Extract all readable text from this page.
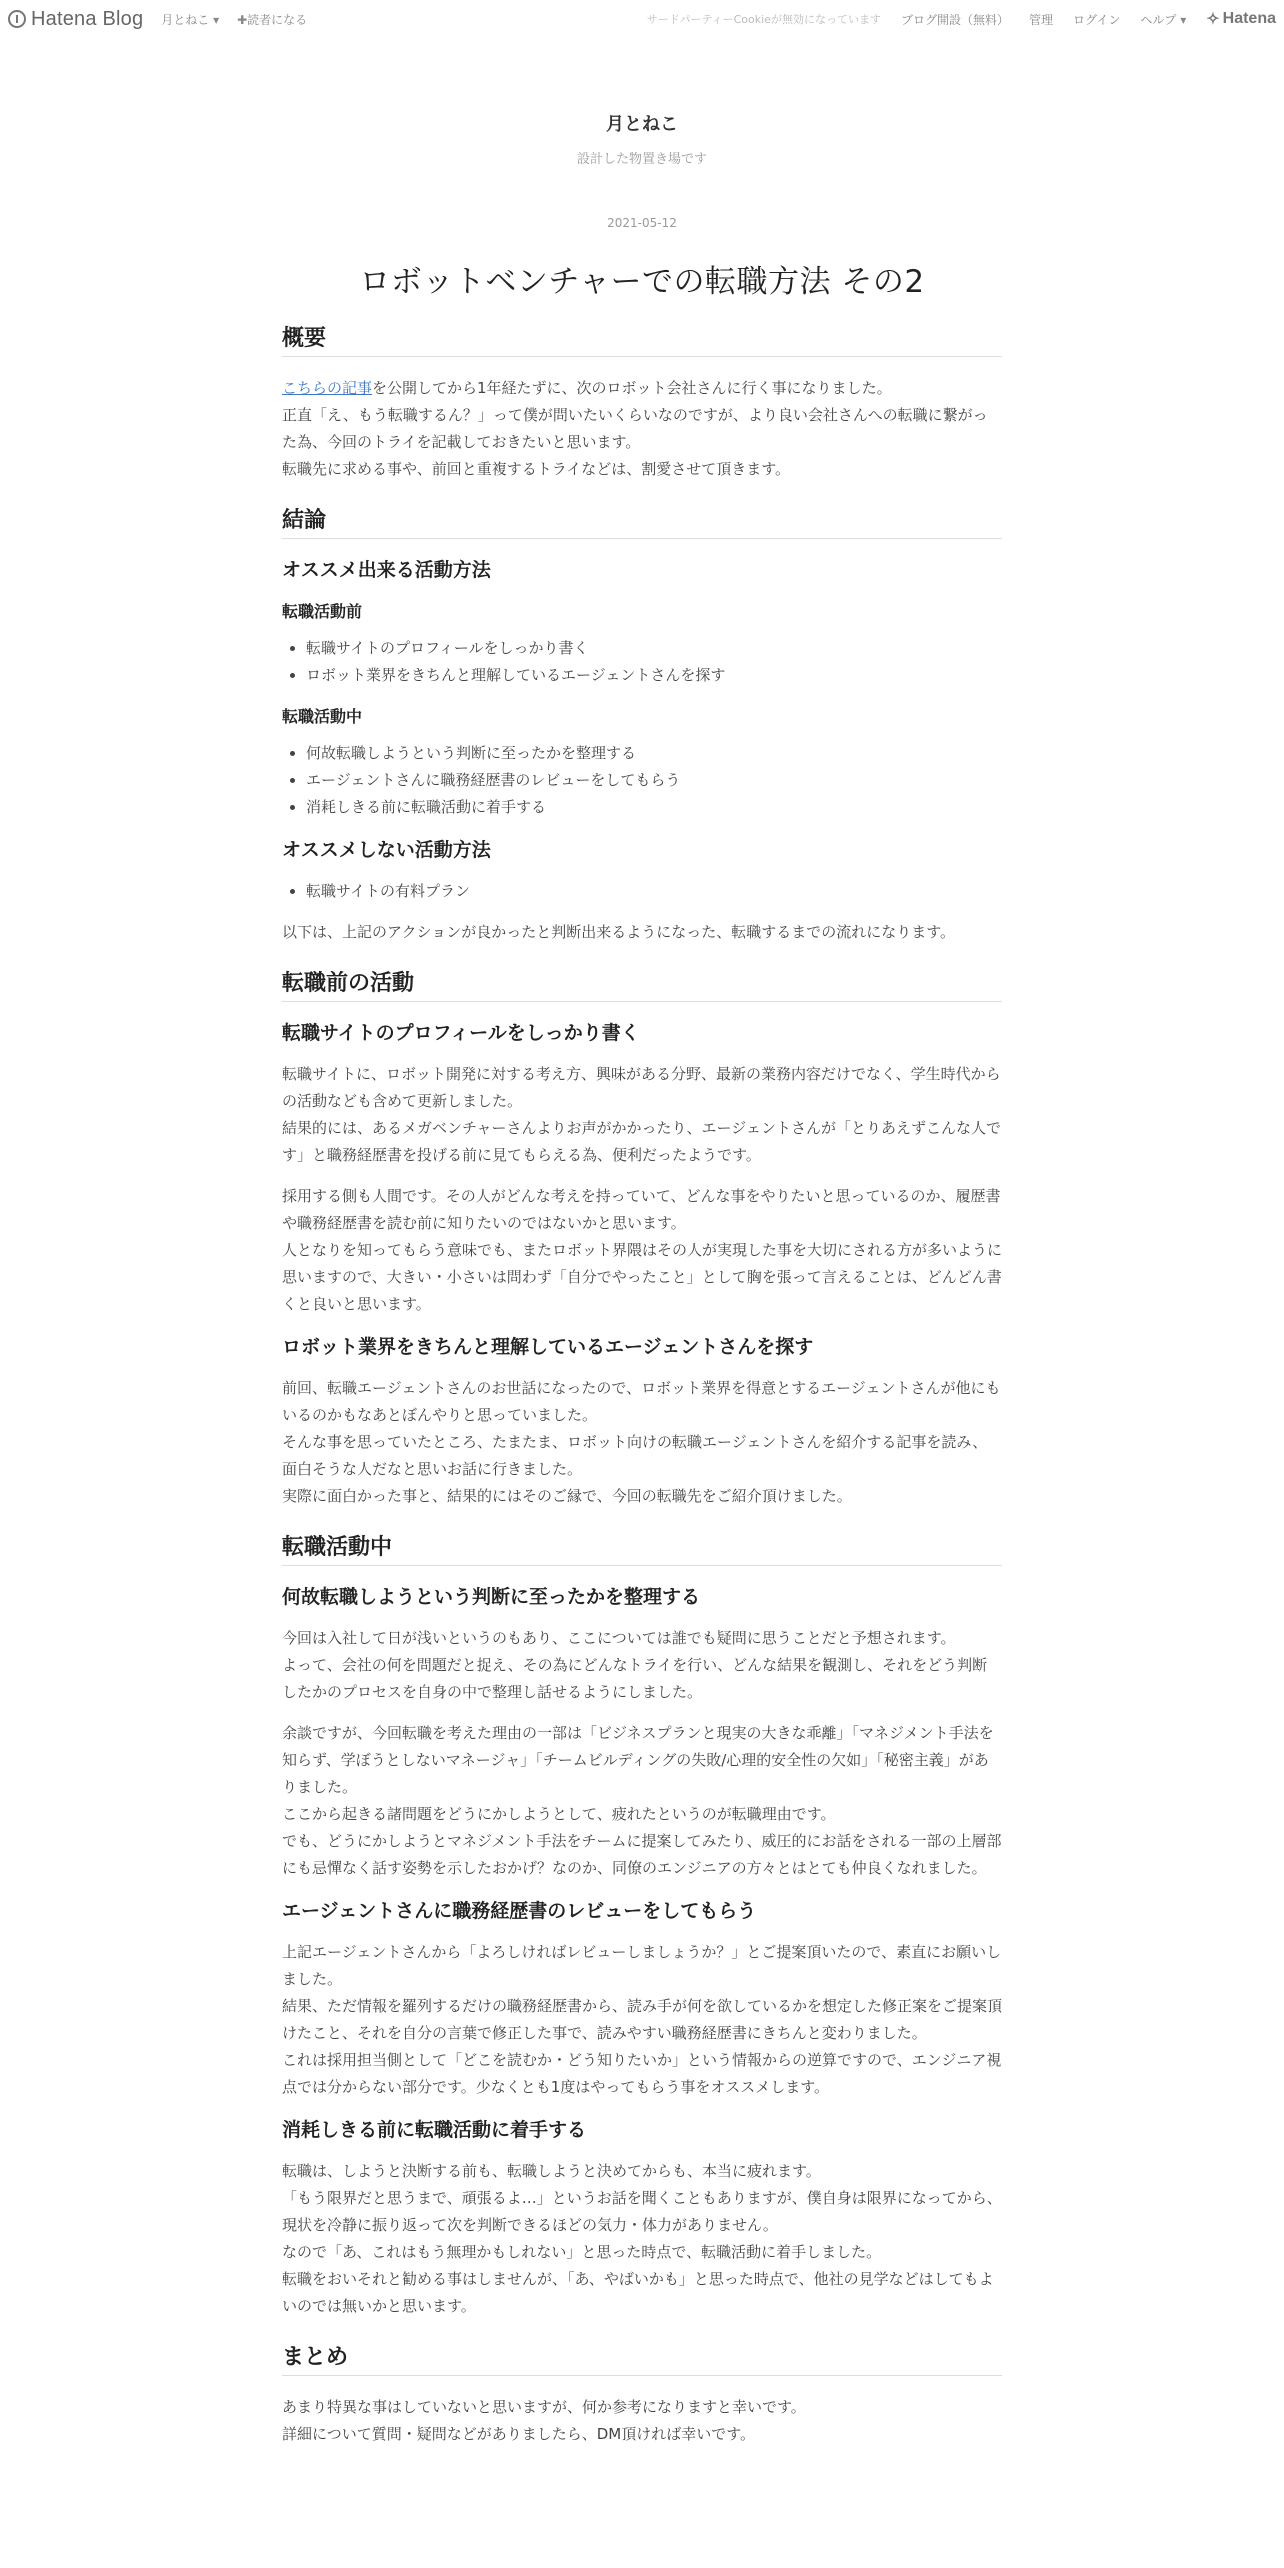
Hatena Blog 月とねこ ▾ ✚読者になる	サードパーティーCookieが無効になっています ブログ開設（無料） 管理 ログイン ヘルプ ▾ ✧ Hatena
月とねこ
設計した物置き場です
2021-05-12
ロボットベンチャーでの転職方法 その2
概要
こちらの記事を公開してから1年経たずに、次のロボット会社さんに行く事になりました。
正直「え、もう転職するん？」って僕が問いたいくらいなのですが、より良い会社さんへの転職に繋がった為、今回のトライを記載しておきたいと思います。
転職先に求める事や、前回と重複するトライなどは、割愛させて頂きます。
結論
オススメ出来る活動方法
転職活動前
• 転職サイトのプロフィールをしっかり書く
• ロボット業界をきちんと理解しているエージェントさんを探す
転職活動中
• 何故転職しようという判断に至ったかを整理する
• エージェントさんに職務経歴書のレビューをしてもらう
• 消耗しきる前に転職活動に着手する
オススメしない活動方法
• 転職サイトの有料プラン
以下は、上記のアクションが良かったと判断出来るようになった、転職するまでの流れになります。
転職前の活動
転職サイトのプロフィールをしっかり書く
転職サイトに、ロボット開発に対する考え方、興味がある分野、最新の業務内容だけでなく、学生時代からの活動なども含めて更新しました。
結果的には、あるメガベンチャーさんよりお声がかかったり、エージェントさんが「とりあえずこんな人です」と職務経歴書を投げる前に見てもらえる為、便利だったようです。
採用する側も人間です。その人がどんな考えを持っていて、どんな事をやりたいと思っているのか、履歴書や職務経歴書を読む前に知りたいのではないかと思います。
人となりを知ってもらう意味でも、またロボット界隈はその人が実現した事を大切にされる方が多いように思いますので、大きい・小さいは問わず「自分でやったこと」として胸を張って言えることは、どんどん書くと良いと思います。
ロボット業界をきちんと理解しているエージェントさんを探す
前回、転職エージェントさんのお世話になったので、ロボット業界を得意とするエージェントさんが他にもいるのかもなあとぼんやりと思っていました。
そんな事を思っていたところ、たまたま、ロボット向けの転職エージェントさんを紹介する記事を読み、面白そうな人だなと思いお話に行きました。
実際に面白かった事と、結果的にはそのご縁で、今回の転職先をご紹介頂けました。
転職活動中
何故転職しようという判断に至ったかを整理する
今回は入社して日が浅いというのもあり、ここについては誰でも疑問に思うことだと予想されます。
よって、会社の何を問題だと捉え、その為にどんなトライを行い、どんな結果を観測し、それをどう判断したかのプロセスを自身の中で整理し話せるようにしました。
余談ですが、今回転職を考えた理由の一部は「ビジネスプランと現実の大きな乖離」「マネジメント手法を知らず、学ぼうとしないマネージャ」「チームビルディングの失敗/心理的安全性の欠如」「秘密主義」がありました。
ここから起きる諸問題をどうにかしようとして、疲れたというのが転職理由です。
でも、どうにかしようとマネジメント手法をチームに提案してみたり、威圧的にお話をされる一部の上層部にも忌憚なく話す姿勢を示したおかげ？なのか、同僚のエンジニアの方々とはとても仲良くなれました。
エージェントさんに職務経歴書のレビューをしてもらう
上記エージェントさんから「よろしければレビューしましょうか？」とご提案頂いたので、素直にお願いしました。
結果、ただ情報を羅列するだけの職務経歴書から、読み手が何を欲しているかを想定した修正案をご提案頂けたこと、それを自分の言葉で修正した事で、読みやすい職務経歴書にきちんと変わりました。
これは採用担当側として「どこを読むか・どう知りたいか」という情報からの逆算ですので、エンジニア視点では分からない部分です。少なくとも1度はやってもらう事をオススメします。
消耗しきる前に転職活動に着手する
転職は、しようと決断する前も、転職しようと決めてからも、本当に疲れます。
「もう限界だと思うまで、頑張るよ…」というお話を聞くこともありますが、僕自身は限界になってから、現状を冷静に振り返って次を判断できるほどの気力・体力がありません。
なので「あ、これはもう無理かもしれない」と思った時点で、転職活動に着手しました。
転職をおいそれと勧める事はしませんが、「あ、やばいかも」と思った時点で、他社の見学などはしてもよいのでは無いかと思います。
まとめ
あまり特異な事はしていないと思いますが、何か参考になりますと幸いです。
詳細について質問・疑問などがありましたら、DM頂ければ幸いです。
